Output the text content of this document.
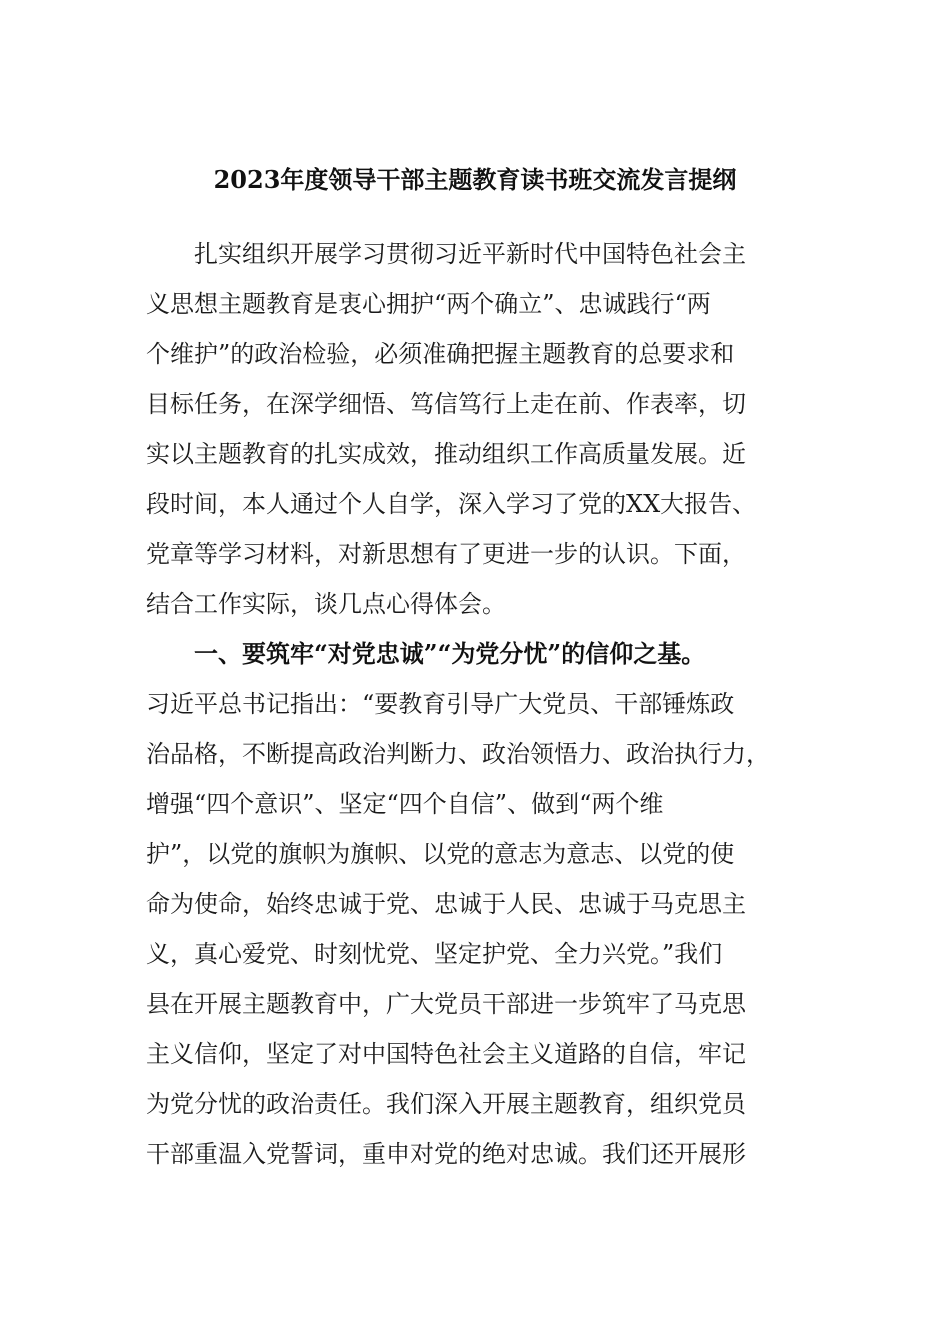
2023年度领导干部主题教育读书班交流发言提纲
扎实组织开展学习贯彻习近平新时代中国特色社会主
义思想主题教育是衷心拥护“两个确立”、忠诚践行“两
个维护”的政治检验，必须准确把握主题教育的总要求和
目标任务，在深学细悟、笃信笃行上走在前、作表率，切
实以主题教育的扎实成效，推动组织工作高质量发展。近
段时间，本人通过个人自学，深入学习了党的XX大报告、
党章等学习材料，对新思想有了更进一步的认识。下面，
结合工作实际，谈几点心得体会。
一、要筑牢“对党忠诚”“为党分忧”的信仰之基。
习近平总书记指出：“要教育引导广大党员、干部锤炼政
治品格，不断提高政治判断力、政治领悟力、政治执行力，
增强“四个意识”、坚定“四个自信”、做到“两个维
护”，以党的旗帜为旗帜、以党的意志为意志、以党的使
命为使命，始终忠诚于党、忠诚于人民、忠诚于马克思主
义，真心爱党、时刻忧党、坚定护党、全力兴党。”我们
县在开展主题教育中，广大党员干部进一步筑牢了马克思
主义信仰，坚定了对中国特色社会主义道路的自信，牢记
为党分忧的政治责任。我们深入开展主题教育，组织党员
干部重温入党誓词，重申对党的绝对忠诚。我们还开展形
